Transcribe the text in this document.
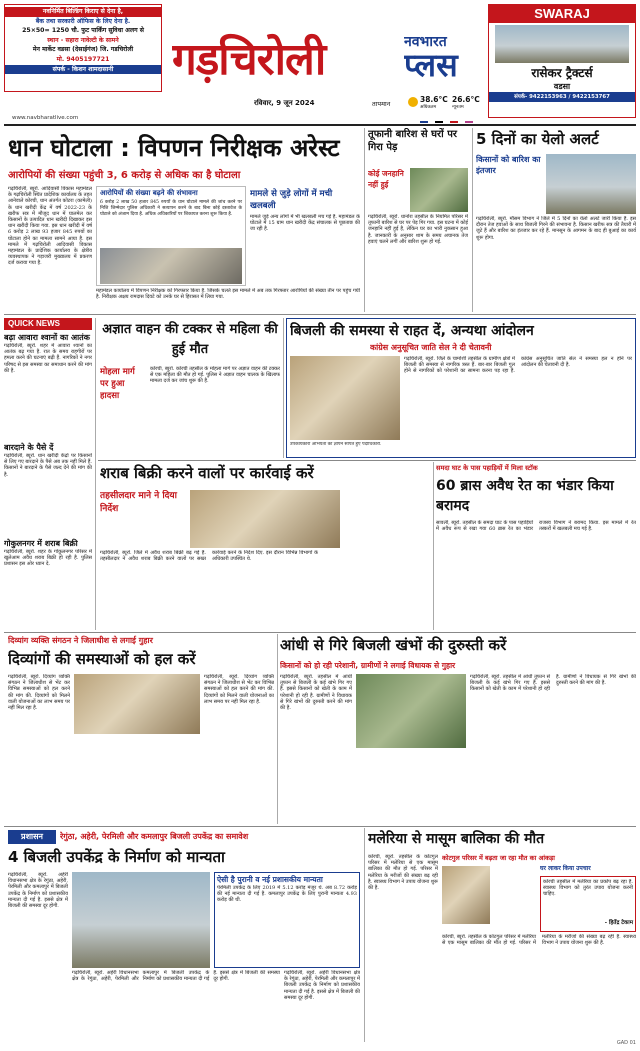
नवनिर्मित बिल्डिंग किराए से देना है,
बैंक तथा सरकारी ऑफिस के लिए देना है.
25×50= 1250 चौ. फुट पार्किंग सुविधा अलग से
स्थान - सहारा नावेल्टी के सामने
मेन मार्केट वडसा (देसाईगंज) जि. गडचिरोली
मो. 9405197721
संपर्क - किशन शामदासानी	गड़चिरोली	नवभारत
प्लस
रविवार, 9 जून 2024	तापमान	38.6°C
अधिकतम
26.6°C
न्यूनतम
www.navbharatlive.com

SWARAJ
रासेकर ट्रैक्टर्स
वडसा
संपर्क- 9422153963 / 9422153767
धान घोटाला : विपणन निरीक्षक अरेस्ट
आरोपियों की संख्या पहुंची 3, 6 करोड़ से अधिक का है घोटाला
गढ़चिरोली, ब्यूरो. आदिवासी विकास महामंडल के गढ़चिरोली स्थित प्रादेशिक कार्यालय के तहत आनेवाले कोरची, धान अंतर्गत कोटरा (कामेली) के धान खरीदी केंद्र में वर्ष 2022-23 के खरीफ सत्र में मौजूद धान में घालमेल कर किसानों के उत्पादित धान खरीदी दिखाकर इस धान खरीदी किया गया. इस धान खरीदी में वर्ष 6 करोड़ 2 लाख 93 हजार 845 रुपयों का घोटाला होने का मामला सामने आया है. इस मामले में गढ़चिरोली आदिवासी विकास महामंडल के प्रादेशिक कार्यालय के क्षेत्रीय व्यवस्थापक ने गड़ाजरी मुख्यालय में प्रकरण दर्ज कराया गया है.
आरोपियों की संख्या बढ़ने की संभावना
6 करोड़ 2 लाख 50 हजार 845 रुपयों के धान घोटाले मामले की जांच करने पर निजि जिम्मेदार पुलिस अधिकारी ने सत्यापन करने के बाद बिना कोई दस्तावेज के घोटाले को अंजाम दिया है. अधिक अधिकारियों पर शिकायत करना शुरू किया है.
मामले से जुड़े लोगों में मची खलबली
मामले जुड़े अन्य लोगों में भी खलबली मच गई है. महामंडल के घोटाले में 15 ग्राम धान खरीदी केंद्र संचालक से पूछताछ की जा रही है.
महामंडल कार्यालय में विपणन निरीक्षक को गिरफ्तार किया है. जिसके चलते इस मामले में अब तक गिरफ्तार आरोपियों की संख्या तीन पर पहुंच गयी है. निरीक्षक अक्षय रामदास दिवटे को उनके घर से हिरासत में लिया गया.
तूफानी बारिश से घरों पर गिरा पेड़
कोई जनहानि नहीं हुई
गढ़चिरोली, ब्यूरो. धानोरा तहसील के नियमित परिसर में तूफानी बारिश से घर पर पेड़ गिर गया. इस घटना में कोई जनहानि नहीं हुई है, लेकिन घर का भारी नुकसान हुआ है. जानकारी के अनुसार शाम के समय अचानक तेज हवाएं चलने लगीं और बारिश शुरू हो गई.
5 दिनों का येलो अलर्ट
किसानों को बारिश का इंतजार
गढ़चिरोली, ब्यूरो. मौसम विभाग ने जिले में 5 दिनों का येलो अलर्ट जारी किया है. इस दौरान तेज हवाओं के साथ बिजली गिरने की संभावना है. किसान खरीफ सत्र की तैयारी में जुटे हैं और बारिश का इंतजार कर रहे हैं. मानसून के आगमन के बाद ही बुआई का कार्य शुरू होगा.
QUICK NEWS
बढ़ा आवारा श्वानों का आतंक
गढ़चिरोली, ब्यूरो. शहर में आवारा श्वानों का आतंक बढ़ गया है. रात के समय राहगीरों पर हमला करने की घटनाएं बढ़ी हैं. नागरिकों ने नगर परिषद से इस समस्या का समाधान करने की मांग की है.
बारदाने के पैसे दें
गढ़चिरोली, ब्यूरो. धान खरीदी केंद्रों पर किसानों से लिए गए बारदाने के पैसे अब तक नहीं मिले हैं. किसानों ने बारदाने के पैसे जल्द देने की मांग की है.
गोकुलनगर में शराब बिक्री
गढ़चिरोली, ब्यूरो. शहर के गोकुलनगर परिसर में खुलेआम अवैध शराब बिक्री हो रही है. पुलिस प्रशासन इस ओर ध्यान दे.
अज्ञात वाहन की टक्कर से महिला की हुई मौत
मोहला मार्ग पर हुआ हादसा
कोरची, ब्यूरो. कोरची तहसील के मोहला मार्ग पर अज्ञात वाहन की टक्कर से एक महिला की मौत हो गई. पुलिस ने अज्ञात वाहन चालक के खिलाफ मामला दर्ज कर जांच शुरू की है.
बिजली की समस्या से राहत दें, अन्यथा आंदोलन
कांग्रेस अनुसूचित जाति सेल ने दी चेतावनी
उपकार्यकारी अभियंता को ज्ञापन सौंपते हुए पदाधिकारी.
गढ़चिरोली, ब्यूरो. जिले के चामोर्शी तहसील के ग्रामीण क्षेत्रों में बिजली की समस्या से नागरिक त्रस्त हैं. बार-बार बिजली गुल होने से नागरिकों को परेशानी का सामना करना पड़ रहा है. कांग्रेस अनुसूचित जाति सेल ने समस्या हल न होने पर आंदोलन की चेतावनी दी है.
शराब बिक्री करने वालों पर कार्रवाई करें
तहसीलदार माने ने दिया निर्देश
गढ़चिरोली, ब्यूरो. जिले में अवैध शराब बिक्री बढ़ गई है. तहसीलदार ने अवैध शराब बिक्री करने वालों पर सख्त कार्रवाई करने के निर्देश दिए. इस दौरान विभिन्न विभागों के अधिकारी उपस्थित थे.
समदा घाट के पास पहाड़ियों में मिला स्टॉक
60 ब्रास अवैध रेत का भंडार किया बरामद
सावली, ब्यूरो. तहसील के समदा घाट के पास पहाड़ियों में अवैध रूप से रखा गया 60 ब्रास रेत का भंडार राजस्व विभाग ने बरामद किया. इस मामले में रेत तस्करों में खलबली मच गई है.
दिव्यांग व्यक्ति संगठन ने जिलाधीश से लगाई गुहार
दिव्यांगों की समस्याओं को हल करें
गढ़चिरोली, ब्यूरो. दिव्यांग व्यक्ति संगठन ने जिलाधीश से भेंट कर विभिन्न समस्याओं को हल करने की मांग की. दिव्यांगों को मिलने वाली योजनाओं का लाभ समय पर नहीं मिल रहा है.
गढ़चिरोली, ब्यूरो. दिव्यांग व्यक्ति संगठन ने जिलाधीश से भेंट कर विभिन्न समस्याओं को हल करने की मांग की. दिव्यांगों को मिलने वाली योजनाओं का लाभ समय पर नहीं मिल रहा है.
आंधी से गिरे बिजली खंभों की दुरुस्ती करें
किसानों को हो रही परेशानी, ग्रामीणों ने लगाई विधायक से गुहार
गढ़चिरोली, ब्यूरो. तहसील में आंधी तूफान से बिजली के कई खंभे गिर गए हैं. इससे किसानों को खेती के काम में परेशानी हो रही है. ग्रामीणों ने विधायक से गिरे खंभों की दुरुस्ती करने की मांग की है.
गढ़चिरोली, ब्यूरो. तहसील में आंधी तूफान से बिजली के कई खंभे गिर गए हैं. इससे किसानों को खेती के काम में परेशानी हो रही है. ग्रामीणों ने विधायक से गिरे खंभों की दुरुस्ती करने की मांग की है.
प्रशासन	रेगुंठा, अहेरी, पेरमिली और कमलापुर बिजली उपकेंद्र का समावेश
4 बिजली उपकेंद्र के निर्माण को मान्यता
गढ़चिरोली, ब्यूरो. अहेरी विधानसभा क्षेत्र के रेगुंठा, अहेरी, पेरमिली और कमलापुर में बिजली उपकेंद्र के निर्माण को प्रशासकीय मान्यता दी गई है. इससे क्षेत्र में बिजली की समस्या दूर होगी.
गढ़चिरोली, ब्यूरो. अहेरी विधानसभा क्षेत्र के रेगुंठा, अहेरी, पेरमिली और कमलापुर में बिजली उपकेंद्र के निर्माण को प्रशासकीय मान्यता दी गई है. इससे क्षेत्र में बिजली की समस्या दूर होगी.
ऐसी है पुरानी व नई प्रशासकीय मान्यता
पेरमिली उपकेंद्र के लिए 2019 में 5.12 करोड़ मंजूर थे. अब 8.72 करोड़ की नई मान्यता दी गई है. कमलापुर उपकेंद्र के लिए पुरानी मान्यता 4.93 करोड़ की थी.
गढ़चिरोली, ब्यूरो. अहेरी विधानसभा क्षेत्र के रेगुंठा, अहेरी, पेरमिली और कमलापुर में बिजली उपकेंद्र के निर्माण को प्रशासकीय मान्यता दी गई है. इससे क्षेत्र में बिजली की समस्या दूर होगी.
मलेरिया से मासूम बालिका की मौत
कोटगुल परिसर में बढ़ता जा रहा मौत का आंकड़ा
घर लाकर किया उपचार
कोरची, ब्यूरो. तहसील के कोटगुल परिसर में मलेरिया से एक मासूम बालिका की मौत हो गई. परिसर में मलेरिया के मरीजों की संख्या बढ़ रही है. स्वास्थ्य विभाग ने उपाय योजना शुरू की है.
कोरची तहसील में मलेरिया का प्रकोप बढ़ रहा है. स्वास्थ्य विभाग को तुरंत उपाय योजना करनी चाहिए.
- हितेंद्र टेकाम
कोरची, ब्यूरो. तहसील के कोटगुल परिसर में मलेरिया से एक मासूम बालिका की मौत हो गई. परिसर में मलेरिया के मरीजों की संख्या बढ़ रही है. स्वास्थ्य विभाग ने उपाय योजना शुरू की है.
GAD 01
